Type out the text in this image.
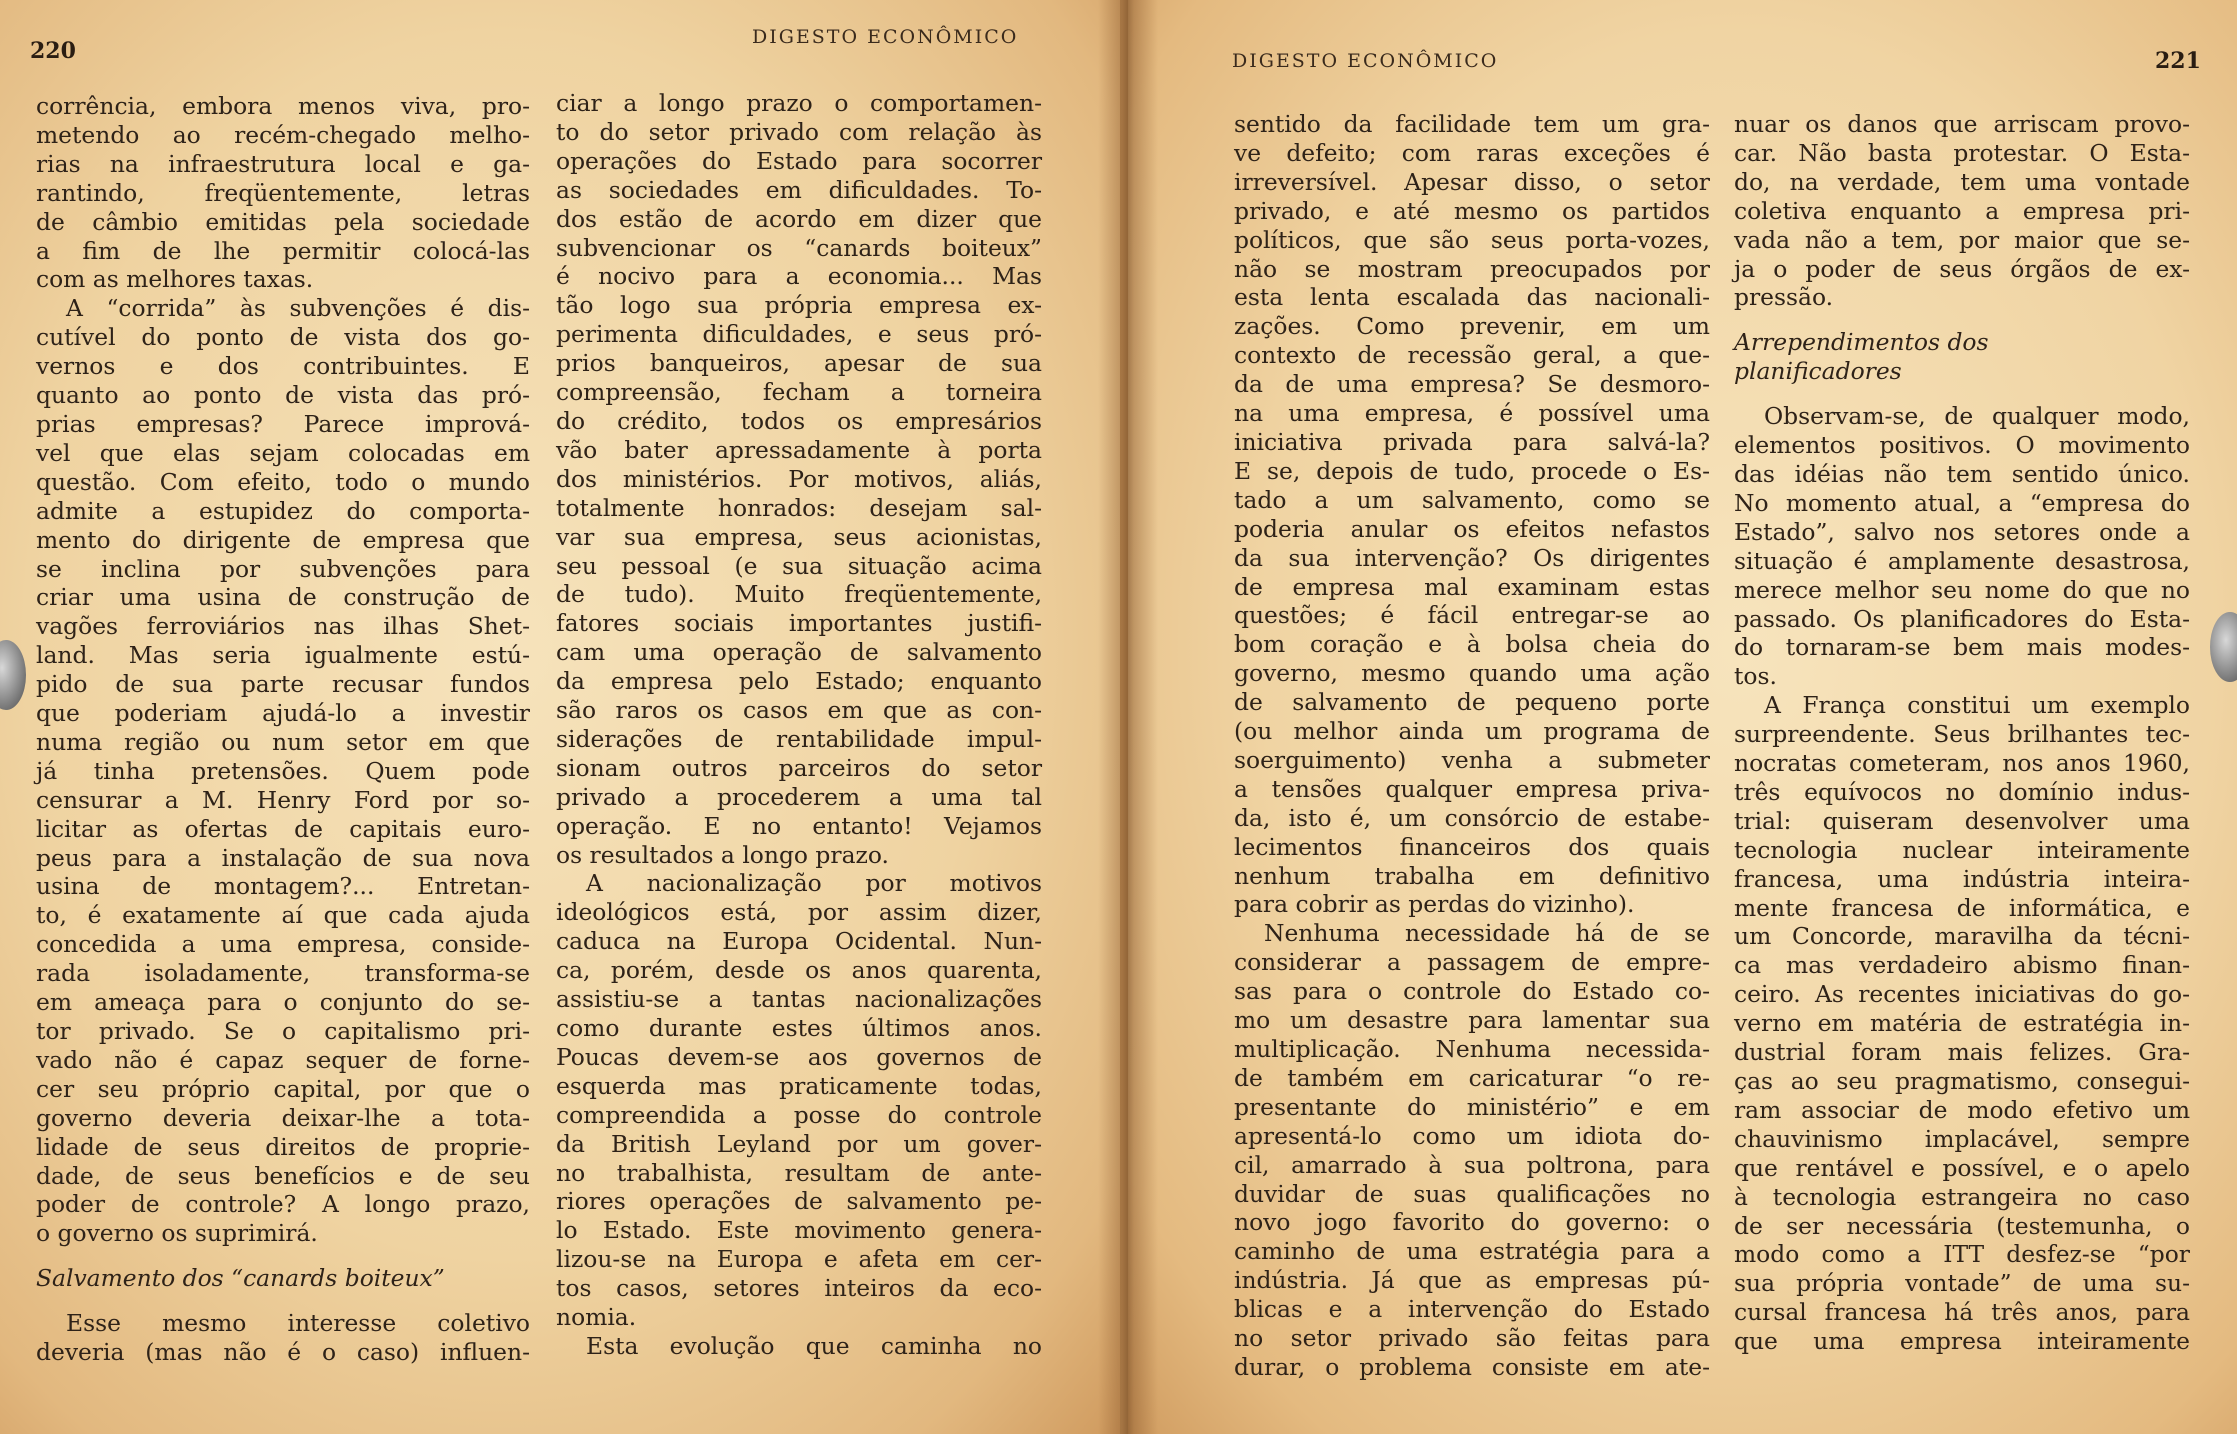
220
DIGESTO ECONÔMICO
corrência, embora menos viva, pro-
metendo ao recém-chegado melho-
rias na infraestrutura local e ga-
rantindo, freqüentemente, letras
de câmbio emitidas pela sociedade
a fim de lhe permitir colocá-las
com as melhores taxas.
A “corrida” às subvenções é dis-
cutível do ponto de vista dos go-
vernos e dos contribuintes. E
quanto ao ponto de vista das pró-
prias empresas? Parece imprová-
vel que elas sejam colocadas em
questão. Com efeito, todo o mundo
admite a estupidez do comporta-
mento do dirigente de empresa que
se inclina por subvenções para
criar uma usina de construção de
vagões ferroviários nas ilhas Shet-
land. Mas seria igualmente estú-
pido de sua parte recusar fundos
que poderiam ajudá-lo a investir
numa região ou num setor em que
já tinha pretensões. Quem pode
censurar a M. Henry Ford por so-
licitar as ofertas de capitais euro-
peus para a instalação de sua nova
usina de montagem?... Entretan-
to, é exatamente aí que cada ajuda
concedida a uma empresa, conside-
rada isoladamente, transforma-se
em ameaça para o conjunto do se-
tor privado. Se o capitalismo pri-
vado não é capaz sequer de forne-
cer seu próprio capital, por que o
governo deveria deixar-lhe a tota-
lidade de seus direitos de proprie-
dade, de seus benefícios e de seu
poder de controle? A longo prazo,
o governo os suprimirá.
Salvamento dos “canards boiteux”
Esse mesmo interesse coletivo
deveria (mas não é o caso) influen-
ciar a longo prazo o comportamen-
to do setor privado com relação às
operações do Estado para socorrer
as sociedades em dificuldades. To-
dos estão de acordo em dizer que
subvencionar os “canards boiteux”
é nocivo para a economia... Mas
tão logo sua própria empresa ex-
perimenta dificuldades, e seus pró-
prios banqueiros, apesar de sua
compreensão, fecham a torneira
do crédito, todos os empresários
vão bater apressadamente à porta
dos ministérios. Por motivos, aliás,
totalmente honrados: desejam sal-
var sua empresa, seus acionistas,
seu pessoal (e sua situação acima
de tudo). Muito freqüentemente,
fatores sociais importantes justifi-
cam uma operação de salvamento
da empresa pelo Estado; enquanto
são raros os casos em que as con-
siderações de rentabilidade impul-
sionam outros parceiros do setor
privado a procederem a uma tal
operação. E no entanto! Vejamos
os resultados a longo prazo.
A nacionalização por motivos
ideológicos está, por assim dizer,
caduca na Europa Ocidental. Nun-
ca, porém, desde os anos quarenta,
assistiu-se a tantas nacionalizações
como durante estes últimos anos.
Poucas devem-se aos governos de
esquerda mas praticamente todas,
compreendida a posse do controle
da British Leyland por um gover-
no trabalhista, resultam de ante-
riores operações de salvamento pe-
lo Estado. Este movimento genera-
lizou-se na Europa e afeta em cer-
tos casos, setores inteiros da eco-
nomia.
Esta evolução que caminha no
221
DIGESTO ECONÔMICO
sentido da facilidade tem um gra-
ve defeito; com raras exceções é
irreversível. Apesar disso, o setor
privado, e até mesmo os partidos
políticos, que são seus porta-vozes,
não se mostram preocupados por
esta lenta escalada das nacionali-
zações. Como prevenir, em um
contexto de recessão geral, a que-
da de uma empresa? Se desmoro-
na uma empresa, é possível uma
iniciativa privada para salvá-la?
E se, depois de tudo, procede o Es-
tado a um salvamento, como se
poderia anular os efeitos nefastos
da sua intervenção? Os dirigentes
de empresa mal examinam estas
questões; é fácil entregar-se ao
bom coração e à bolsa cheia do
governo, mesmo quando uma ação
de salvamento de pequeno porte
(ou melhor ainda um programa de
soerguimento) venha a submeter
a tensões qualquer empresa priva-
da, isto é, um consórcio de estabe-
lecimentos financeiros dos quais
nenhum trabalha em definitivo
para cobrir as perdas do vizinho).
Nenhuma necessidade há de se
considerar a passagem de empre-
sas para o controle do Estado co-
mo um desastre para lamentar sua
multiplicação. Nenhuma necessida-
de também em caricaturar “o re-
presentante do ministério” e em
apresentá-lo como um idiota do-
cil, amarrado à sua poltrona, para
duvidar de suas qualificações no
novo jogo favorito do governo: o
caminho de uma estratégia para a
indústria. Já que as empresas pú-
blicas e a intervenção do Estado
no setor privado são feitas para
durar, o problema consiste em ate-
nuar os danos que arriscam provo-
car. Não basta protestar. O Esta-
do, na verdade, tem uma vontade
coletiva enquanto a empresa pri-
vada não a tem, por maior que se-
ja o poder de seus órgãos de ex-
pressão.
Arrependimentos dos
planificadores
Observam-se, de qualquer modo,
elementos positivos. O movimento
das idéias não tem sentido único.
No momento atual, a “empresa do
Estado”, salvo nos setores onde a
situação é amplamente desastrosa,
merece melhor seu nome do que no
passado. Os planificadores do Esta-
do tornaram-se bem mais modes-
tos.
A França constitui um exemplo
surpreendente. Seus brilhantes tec-
nocratas cometeram, nos anos 1960,
três equívocos no domínio indus-
trial: quiseram desenvolver uma
tecnologia nuclear inteiramente
francesa, uma indústria inteira-
mente francesa de informática, e
um Concorde, maravilha da técni-
ca mas verdadeiro abismo finan-
ceiro. As recentes iniciativas do go-
verno em matéria de estratégia in-
dustrial foram mais felizes. Gra-
ças ao seu pragmatismo, consegui-
ram associar de modo efetivo um
chauvinismo implacável, sempre
que rentável e possível, e o apelo
à tecnologia estrangeira no caso
de ser necessária (testemunha, o
modo como a ITT desfez-se “por
sua própria vontade” de uma su-
cursal francesa há três anos, para
que uma empresa inteiramente
